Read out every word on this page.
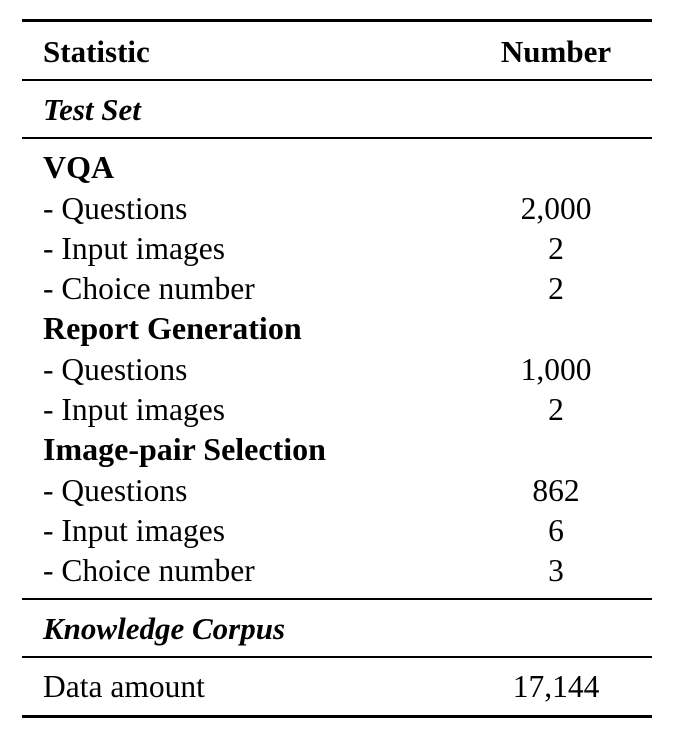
Statistic	Number
Test Set
VQA
- Questions	2,000
- Input images	2
- Choice number	2
Report Generation
- Questions	1,000
- Input images	2
Image-pair Selection
- Questions	862
- Input images	6
- Choice number	3
Knowledge Corpus
Data amount	17,144
